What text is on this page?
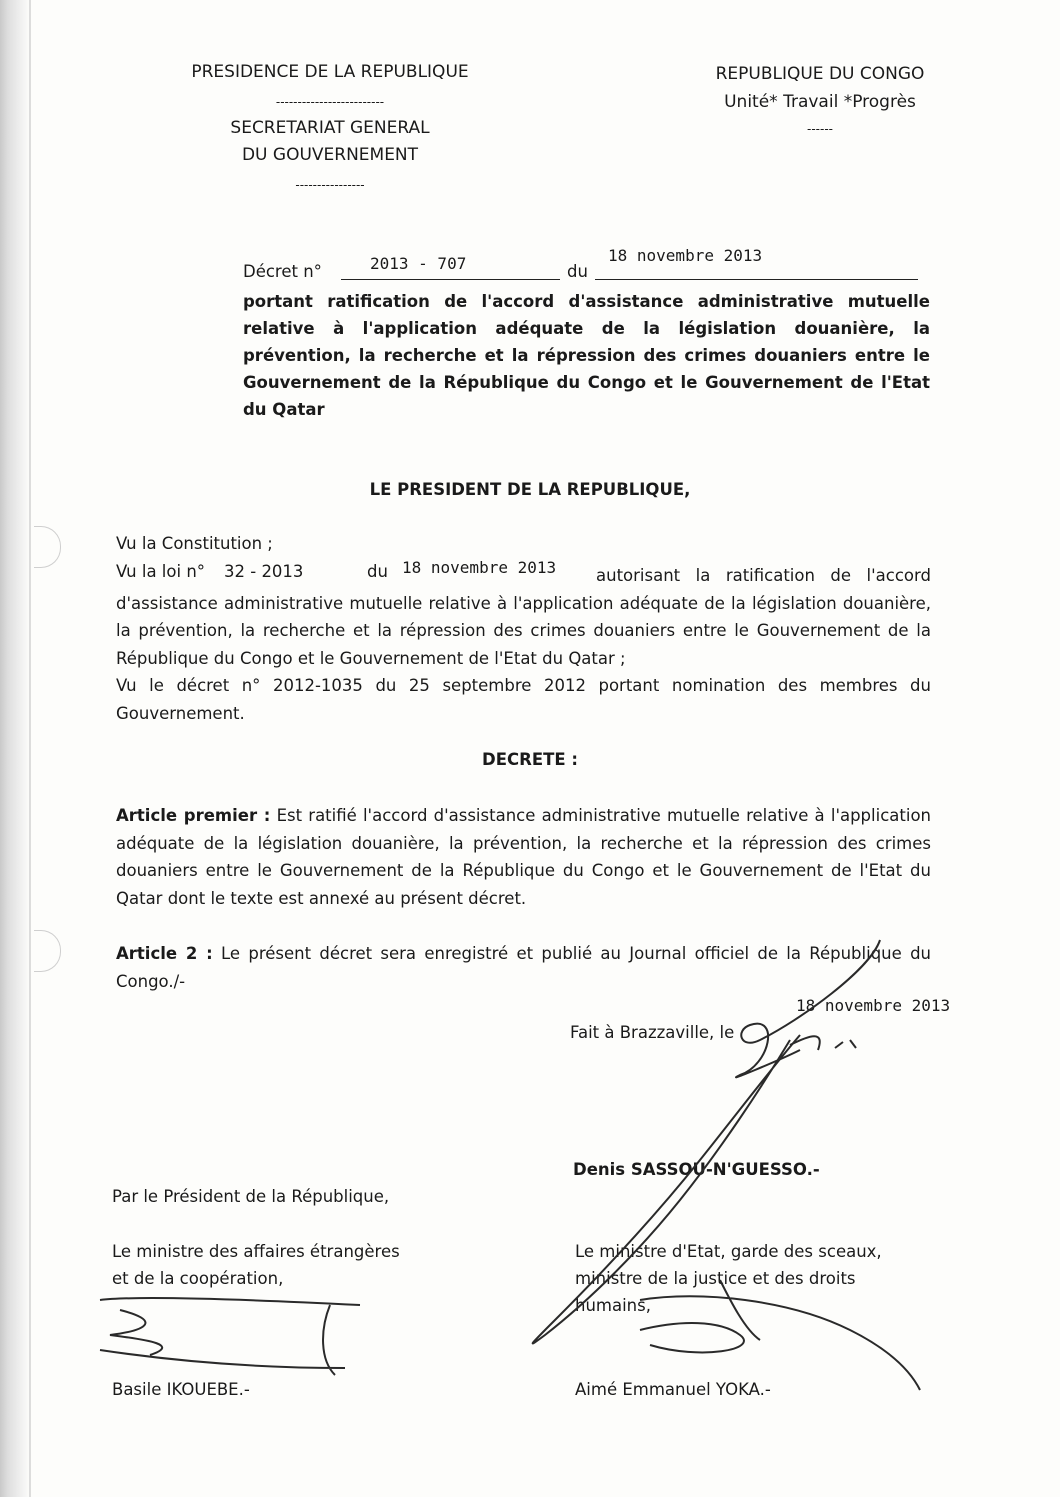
PRESIDENCE DE LA REPUBLIQUE
-------------------------
SECRETARIAT GENERAL
DU GOUVERNEMENT
----------------
REPUBLIQUE DU CONGO
Unité* Travail *Progrès
------
Décret n°	2013 - 707	du
18 novembre 2013
portant ratification de l'accord d'assistance administrative mutuelle relative à l'application adéquate de la législation douanière, la prévention, la recherche et la répression des crimes douaniers entre le Gouvernement de la République du Congo et le Gouvernement de l'Etat du Qatar
LE PRESIDENT DE LA REPUBLIQUE,
Vu la Constitution ;
Vu la loi n° 32 - 2013	du 18 novembre 2013	autorisant la ratification de l'accord d'assistance administrative mutuelle relative à l'application adéquate de la législation douanière, la prévention, la recherche et la répression des crimes douaniers entre le Gouvernement de la République du Congo et le Gouvernement de l'Etat du Qatar ;
Vu le décret n° 2012-1035 du 25 septembre 2012 portant nomination des membres du Gouvernement.
DECRETE :
Article premier : Est ratifié l'accord d'assistance administrative mutuelle relative à l'application adéquate de la législation douanière, la prévention, la recherche et la répression des crimes douaniers entre le Gouvernement de la République du Congo et le Gouvernement de l'Etat du Qatar dont le texte est annexé au présent décret.
Article 2 : Le présent décret sera enregistré et publié au Journal officiel de la République du Congo./-
18 novembre 2013
Fait à Brazzaville, le
Denis SASSOU-N'GUESSO.-
Par le Président de la République,
Le ministre des affaires étrangères
et de la coopération,
Basile IKOUEBE.-
Le ministre d'Etat, garde des sceaux,
ministre de la justice et des droits
humains,
Aimé Emmanuel YOKA.-
